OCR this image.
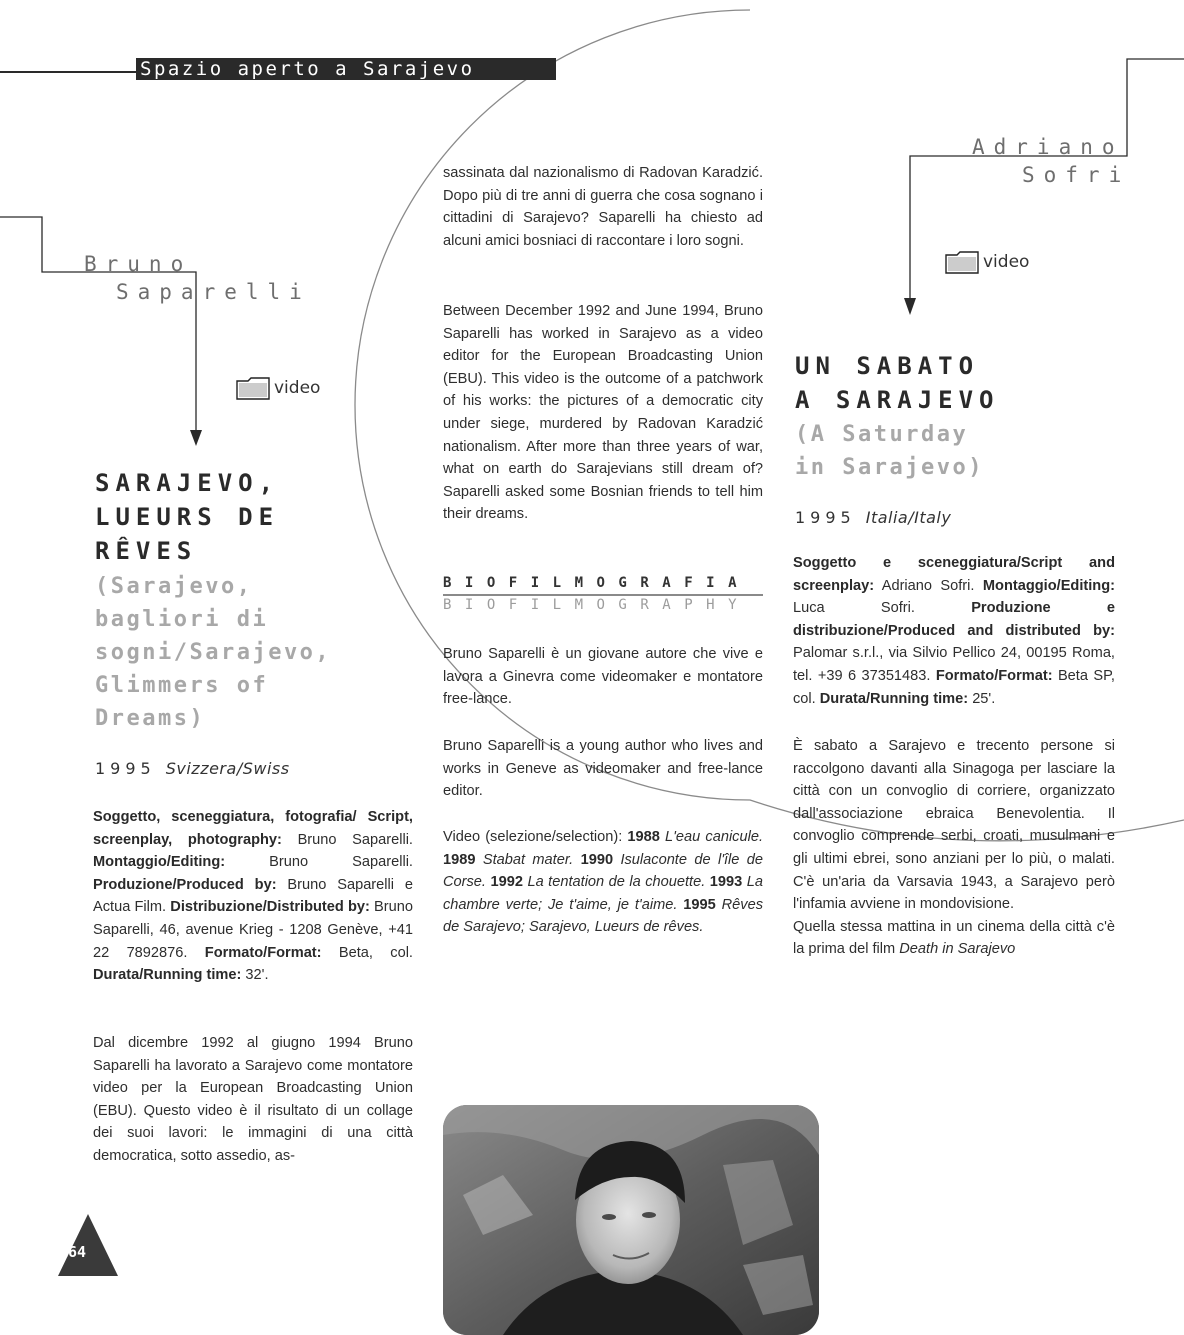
Spazio aperto a Sarajevo
Bruno
Saparelli
video
SARAJEVO,
LUEURS DE
RÊVES
(Sarajevo,
bagliori di
sogni/Sarajevo,
Glimmers of
Dreams)
1995 Svizzera/Swiss

Soggetto, sceneggiatura, fotografia/ Script, screenplay, photography: Bruno Saparelli. Montaggio/Editing: Bruno Saparelli. Produzione/Produced by: Bruno Saparelli e Actua Film. Distribuzione/Distributed by: Bruno Saparelli, 46, avenue Krieg - 1208 Genève, +41 22 7892876. Formato/Format: Beta, col. Durata/Running time: 32'.

Dal dicembre 1992 al giugno 1994 Bruno Saparelli ha lavorato a Sarajevo come montatore video per la European Broadcasting Union (EBU). Questo video è il risultato di un collage dei suoi lavori: le immagini di una città democratica, sotto assedio, as-

sassinata dal nazionalismo di Radovan Karadzić. Dopo più di tre anni di guerra che cosa sognano i cittadini di Sarajevo? Saparelli ha chiesto ad alcuni amici bosniaci di raccontare i loro sogni.

Between December 1992 and June 1994, Bruno Saparelli has worked in Sarajevo as a video editor for the European Broadcasting Union (EBU). This video is the outcome of a patchwork of his works: the pictures of a democratic city under siege, murdered by Radovan Karadzić nationalism. After more than three years of war, what on earth do Sarajevians still dream of? Saparelli asked some Bosnian friends to tell him their dreams.

BIOFILMOGRAFIA
BIOFILMOGRAPHY

Bruno Saparelli è un giovane autore che vive e lavora a Ginevra come videomaker e montatore free-lance.

Bruno Saparelli is a young author who lives and works in Geneve as videomaker and free-lance editor.

Video (selezione/selection): 1988 L'eau canicule. 1989 Stabat mater. 1990 Isulaconte de l'île de Corse. 1992 La tentation de la chouette. 1993 La chambre verte; Je t'aime, je t'aime. 1995 Rêves de Sarajevo; Sarajevo, Lueurs de rêves.

Adriano
Sofri
video
UN SABATO
A SARAJEVO
(A Saturday
in Sarajevo)
1995 Italia/Italy

Soggetto e sceneggiatura/Script and screenplay: Adriano Sofri. Montaggio/Editing: Luca Sofri. Produzione e distribuzione/Produced and distributed by: Palomar s.r.l., via Silvio Pellico 24, 00195 Roma, tel. +39 6 37351483. Formato/Format: Beta SP, col. Durata/Running time: 25'.

È sabato a Sarajevo e trecento persone si raccolgono davanti alla Sinagoga per lasciare la città con un convoglio di corriere, organizzato dall'associazione ebraica Benevolentia. Il convoglio comprende serbi, croati, musulmani e gli ultimi ebrei, sono anziani per lo più, o malati. C'è un'aria da Varsavia 1943, a Sarajevo però l'infamia avviene in mondovisione.

Quella stessa mattina in un cinema della città c'è la prima del film Death in Sarajevo

164
